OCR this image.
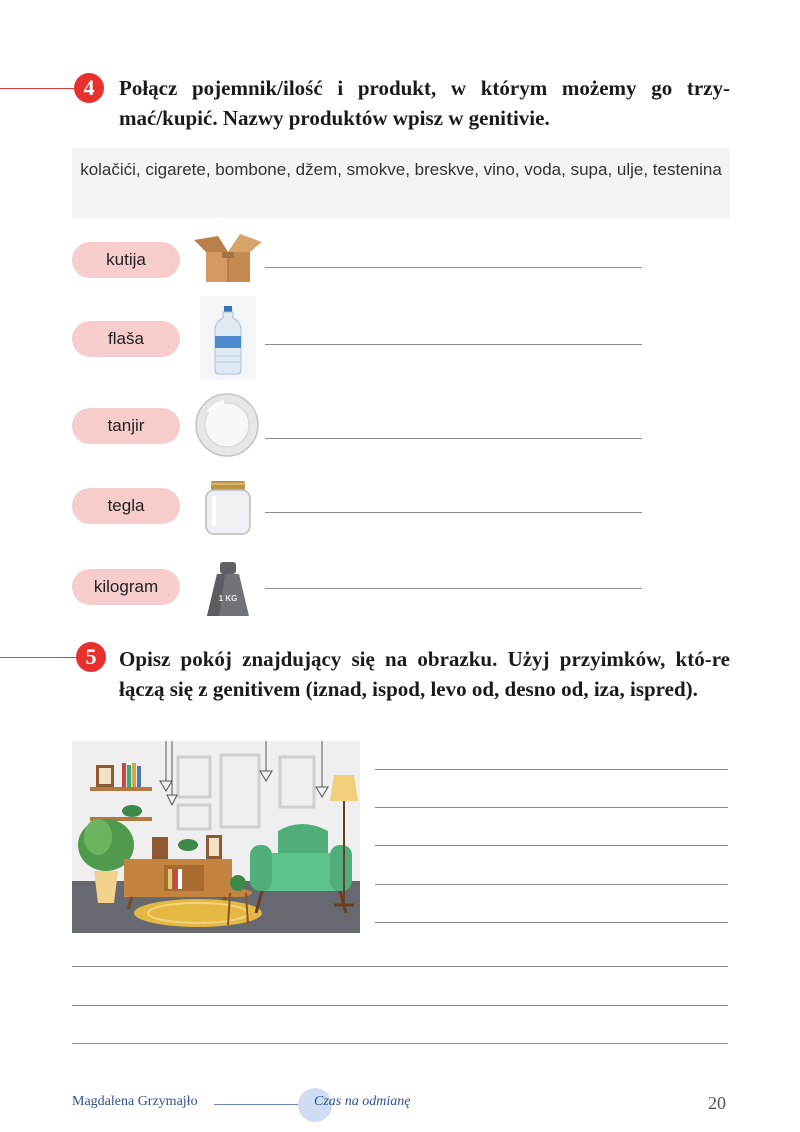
4	Połącz pojemnik/ilość i produkt, w którym możemy go trzy-mać/kupić. Nazwy produktów wpisz w genitivie.
kolačići, cigarete, bombone, džem, smokve, breskve, vino, voda, supa, ulje, testenina
kutija
flaša
tanjir
tegla
kilogram
1 KG
5	Opisz pokój znajdujący się na obrazku. Użyj przyimków, któ-re łączą się z genitivem (iznad, ispod, levo od, desno od, iza, ispred).
Magdalena Grzymajło	Czas na odmianę	20
